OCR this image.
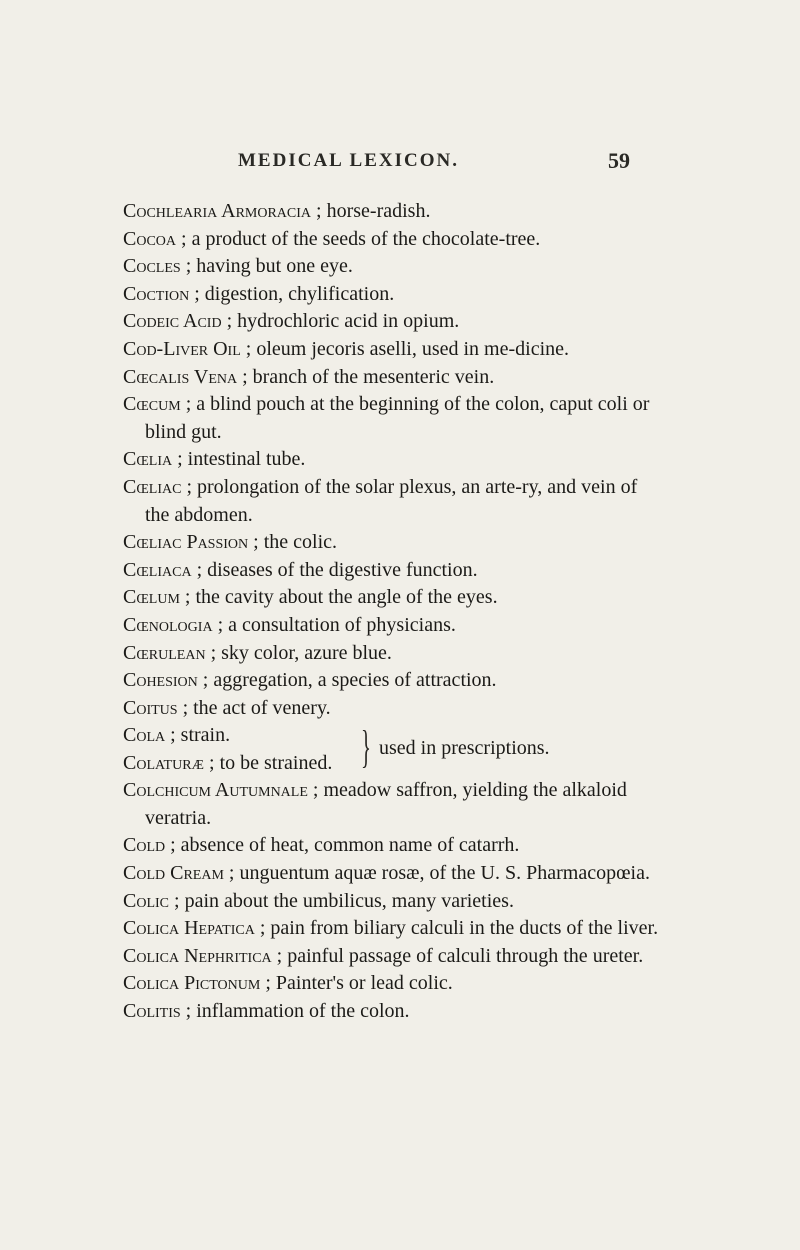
MEDICAL LEXICON.	59
Cochlearia Armoracia ; horse-radish.
Cocoa ; a product of the seeds of the chocolate-tree.
Cocles ; having but one eye.
Coction ; digestion, chylification.
Codeic Acid ; hydrochloric acid in opium.
Cod-Liver Oil ; oleum jecoris aselli, used in me-dicine.
Cœcalis Vena ; branch of the mesenteric vein.
Cœcum ; a blind pouch at the beginning of the colon, caput coli or blind gut.
Cœlia ; intestinal tube.
Cœliac ; prolongation of the solar plexus, an arte-ry, and vein of the abdomen.
Cœliac Passion ; the colic.
Cœliaca ; diseases of the digestive function.
Cœlum ; the cavity about the angle of the eyes.
Cœnologia ; a consultation of physicians.
Cœrulean ; sky color, azure blue.
Cohesion ; aggregation, a species of attraction.
Coitus ; the act of venery.
Cola ; strain.
Colaturæ ; to be strained. } used in prescriptions.
Colchicum Autumnale ; meadow saffron, yielding the alkaloid veratria.
Cold ; absence of heat, common name of catarrh.
Cold Cream ; unguentum aquæ rosæ, of the U. S. Pharmacopœia.
Colic ; pain about the umbilicus, many varieties.
Colica Hepatica ; pain from biliary calculi in the ducts of the liver.
Colica Nephritica ; painful passage of calculi through the ureter.
Colica Pictonum ; Painter's or lead colic.
Colitis ; inflammation of the colon.
